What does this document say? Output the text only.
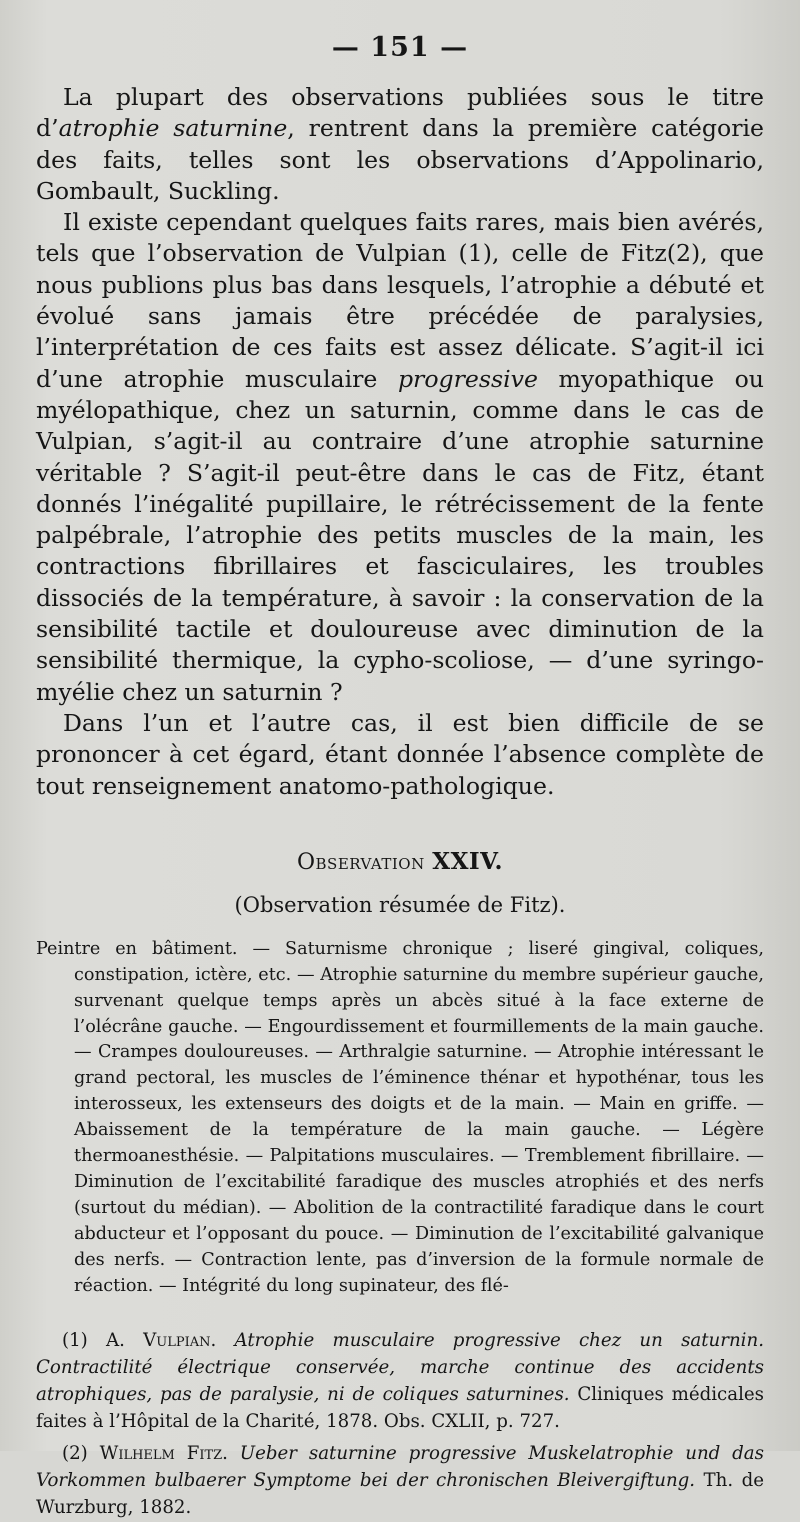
— 151 —

La plupart des observations publiées sous le titre d’atrophie saturnine, rentrent dans la première catégorie des faits, telles sont les observations d’Appolinario, Gombault, Suckling.

Il existe cependant quelques faits rares, mais bien avérés, tels que l’observation de Vulpian (1), celle de Fitz(2), que nous publions plus bas dans lesquels, l’atrophie a débuté et évolué sans jamais être précédée de paralysies, l’interprétation de ces faits est assez délicate. S’agit-il ici d’une atrophie musculaire progressive myopathique ou myélopathique, chez un saturnin, comme dans le cas de Vulpian, s’agit-il au contraire d’une atrophie saturnine véritable ? S’agit-il peut-être dans le cas de Fitz, étant donnés l’inégalité pupillaire, le rétrécissement de la fente palpébrale, l’atrophie des petits muscles de la main, les contractions fibrillaires et fasciculaires, les troubles dissociés de la température, à savoir : la conservation de la sensibilité tactile et douloureuse avec diminution de la sensibilité thermique, la cypho-scoliose, — d’une syringo-myélie chez un saturnin ?

Dans l’un et l’autre cas, il est bien difficile de se prononcer à cet égard, étant donnée l’absence complète de tout renseignement anatomo-pathologique.

Observation XXIV.
(Observation résumée de Fitz).

Peintre en bâtiment. — Saturnisme chronique ; liseré gingival, coliques, constipation, ictère, etc. — Atrophie saturnine du membre supérieur gauche, survenant quelque temps après un abcès situé à la face externe de l’olécrâne gauche. — Engourdissement et fourmillements de la main gauche. — Crampes douloureuses. — Arthralgie saturnine. — Atrophie intéressant le grand pectoral, les muscles de l’éminence thénar et hypothénar, tous les interosseux, les extenseurs des doigts et de la main. — Main en griffe. — Abaissement de la température de la main gauche. — Légère thermoanesthésie. — Palpitations musculaires. — Tremblement fibrillaire. — Diminution de l’excitabilité faradique des muscles atrophiés et des nerfs (surtout du médian). — Abolition de la contractilité faradique dans le court abducteur et l’opposant du pouce. — Diminution de l’excitabilité galvanique des nerfs. — Contraction lente, pas d’inversion de la formule normale de réaction. — Intégrité du long supinateur, des flé-

(1) A. Vulpian. Atrophie musculaire progressive chez un saturnin. Contractilité électrique conservée, marche continue des accidents atrophiques, pas de paralysie, ni de coliques saturnines. Cliniques médicales faites à l’Hôpital de la Charité, 1878. Obs. CXLII, p. 727.

(2) Wilhelm Fitz. Ueber saturnine progressive Muskelatrophie und das Vorkommen bulbaerer Symptome bei der chronischen Bleivergiftung. Th. de Wurzburg, 1882.
